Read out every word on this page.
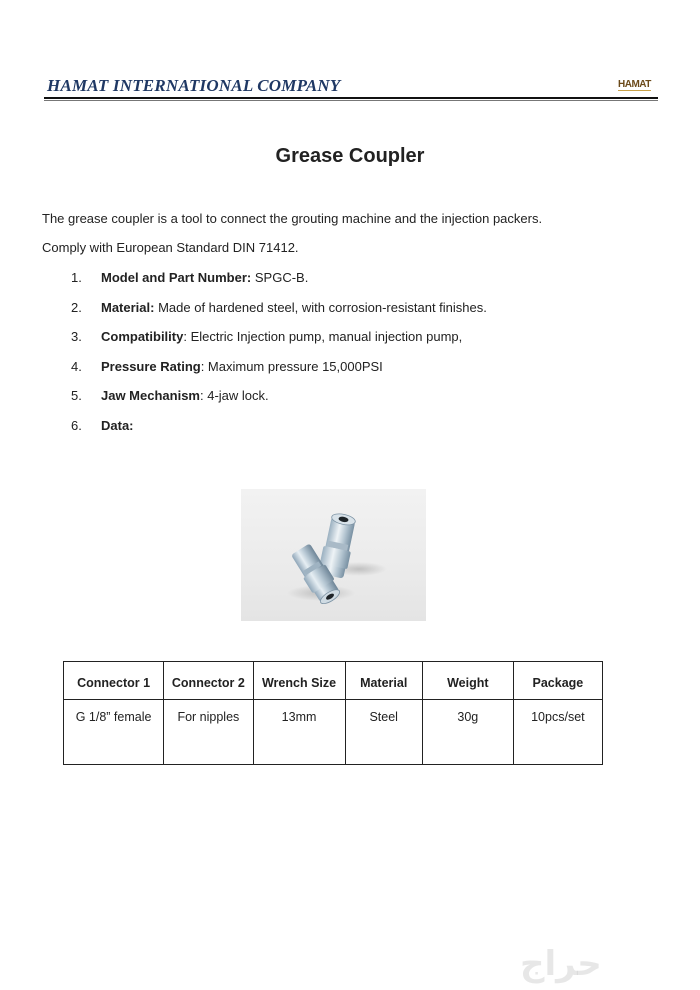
HAMAT INTERNATIONAL COMPANY	HAMAT
Grease Coupler
The grease coupler is a tool to connect the grouting machine and the injection packers.
Comply with European Standard DIN 71412.
1. Model and Part Number: SPGC-B.
2. Material: Made of hardened steel, with corrosion-resistant finishes.
3. Compatibility: Electric Injection pump, manual injection pump,
4. Pressure Rating: Maximum pressure 15,000PSI
5. Jaw Mechanism: 4-jaw lock.
6. Data:
Connector 1	Connector 2	Wrench Size	Material	Weight	Package
G 1/8” female	For nipples	13mm	Steel	30g	10pcs/set
حراج
